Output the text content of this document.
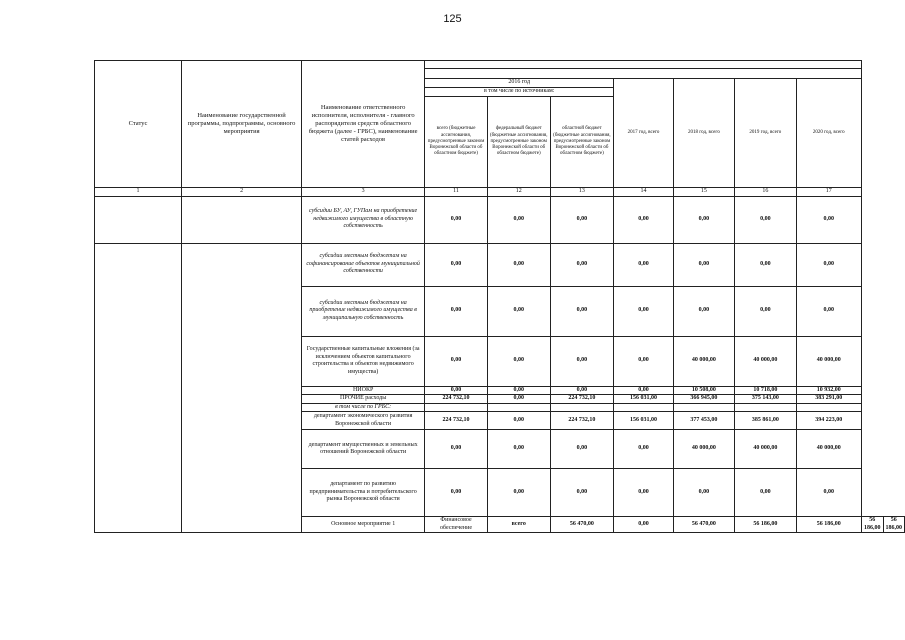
125
Статус	Наименование государственной программы, подпрограммы, основного мероприятия	Наименование ответственного исполнителя, исполнителя - главного распорядителя средств областного бюджета (далее - ГРБС), наименование статей расходов									

			2016 год			2017 год, всего	2018 год, всего	2019 год, всего	2020 год, всего		
			в том числе по источникам:								
			всего (бюджетные ассигнования, предусмотренные законом Воронежской области об областном бюджете)	федеральный бюджет (бюджетные ассигнования, предусмотренные законом Воронежской области об областном бюджете)	областной бюджет (бюджетные ассигнования, предусмотренные законом Воронежской области об областном бюджете)						
1	2	3	11	12	13	14	15	16	17		
		субсидии БУ, АУ, ГУПам на приобретение недвижимого имущества в областную собственность	0,00	0,00	0,00	0,00	0,00	0,00	0,00		
		субсидии местным бюджетам на софинансирование объектов муниципальной собственности	0,00	0,00	0,00	0,00	0,00	0,00	0,00		
		субсидии местным бюджетам на приобретение недвижимого имущества в муниципальную собственность	0,00	0,00	0,00	0,00	0,00	0,00	0,00		
		Государственные капитальные вложения (за исключением объектов капитального строительства и объектов недвижимого имущества)	0,00	0,00	0,00	0,00	40 000,00	40 000,00	40 000,00		
		НИОКР	0,00	0,00	0,00	0,00	10 508,00	10 718,00	10 932,00		
		ПРОЧИЕ расходы	224 732,10	0,00	224 732,10	156 031,00	366 945,00	375 143,00	383 291,00		
		в том числе по ГРБС:									
		департамент экономического развития Воронежской области	224 732,10	0,00	224 732,10	156 031,00	377 453,00	385 861,00	394 223,00		
		департамент имущественных и земельных отношений Воронежской области	0,00	0,00	0,00	0,00	40 000,00	40 000,00	40 000,00		
		департамент по развитию предпринимательства и потребительского рынка Воронежской области	0,00	0,00	0,00	0,00	0,00	0,00	0,00		
		Основное мероприятие 1	Финансовое обеспечение	всего	56 470,00	0,00	56 470,00	56 186,00	56 186,00	56 186,00	56 186,00
